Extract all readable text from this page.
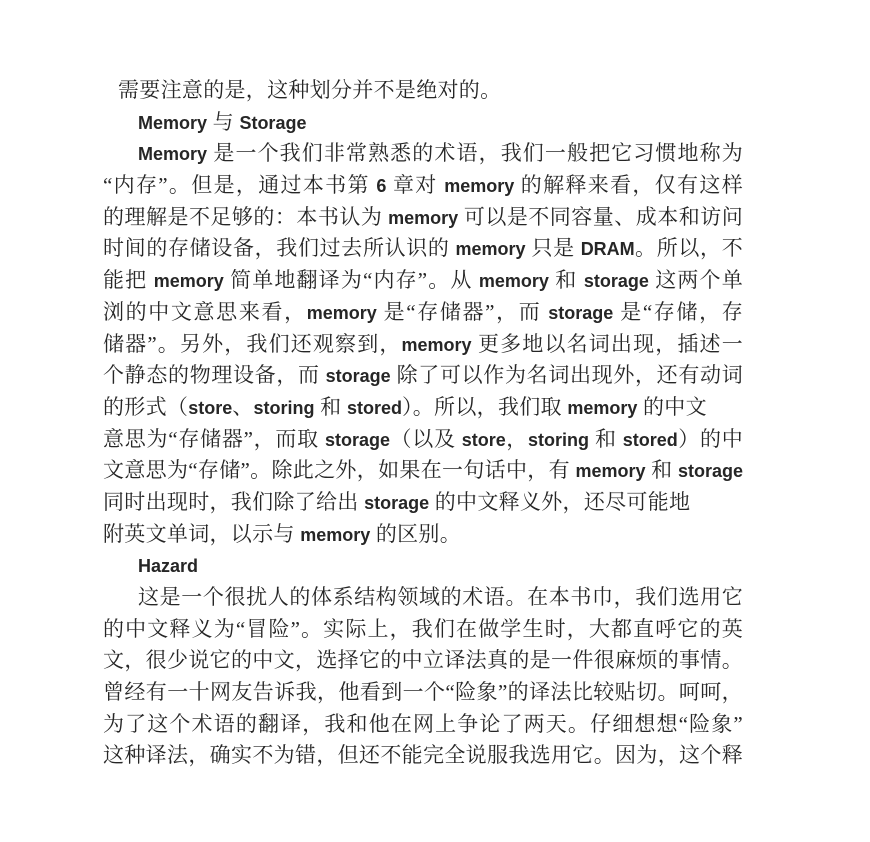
需要注意的是，这种划分并不是绝对的。
Memory 与 Storage
Memory 是一个我们非常熟悉的术语，我们一般把它习惯地称为
“内存”。但是，通过本书第 6 章对 memory 的解释来看，仅有这样
的理解是不足够的：本书认为 memory 可以是不同容量、成本和访问
时间的存储设备，我们过去所认识的 memory 只是 DRAM。所以，不
能把 memory 简单地翻译为“内存”。从 memory 和 storage 这两个单
浏的中文意思来看，memory 是“存储器”，而 storage 是“存储，存
储器”。另外，我们还观察到，memory 更多地以名词出现，插述一
个静态的物理设备，而 storage 除了可以作为名词出现外，还有动词
的形式（store、storing 和 stored）。所以，我们取 memory 的中文
意思为“存储器”，而取 storage（以及 store，storing 和 stored）的中
文意思为“存储”。除此之外，如果在一句话中，有 memory 和 storage
同时出现时，我们除了给出 storage 的中文释义外，还尽可能地
附英文单词，以示与 memory 的区别。
Hazard
这是一个很扰人的体系结构领域的术语。在本书巾，我们选用它
的中文释义为“冒险”。实际上，我们在做学生时，大都直呼它的英
文，很少说它的中文，选择它的中立译法真的是一件很麻烦的事情。
曾经有一十网友告诉我，他看到一个“险象”的译法比较贴切。呵呵，
为了这个术语的翻译，我和他在网上争论了两天。仔细想想“险象”
这种译法，确实不为错，但还不能完全说服我选用它。因为，这个释
